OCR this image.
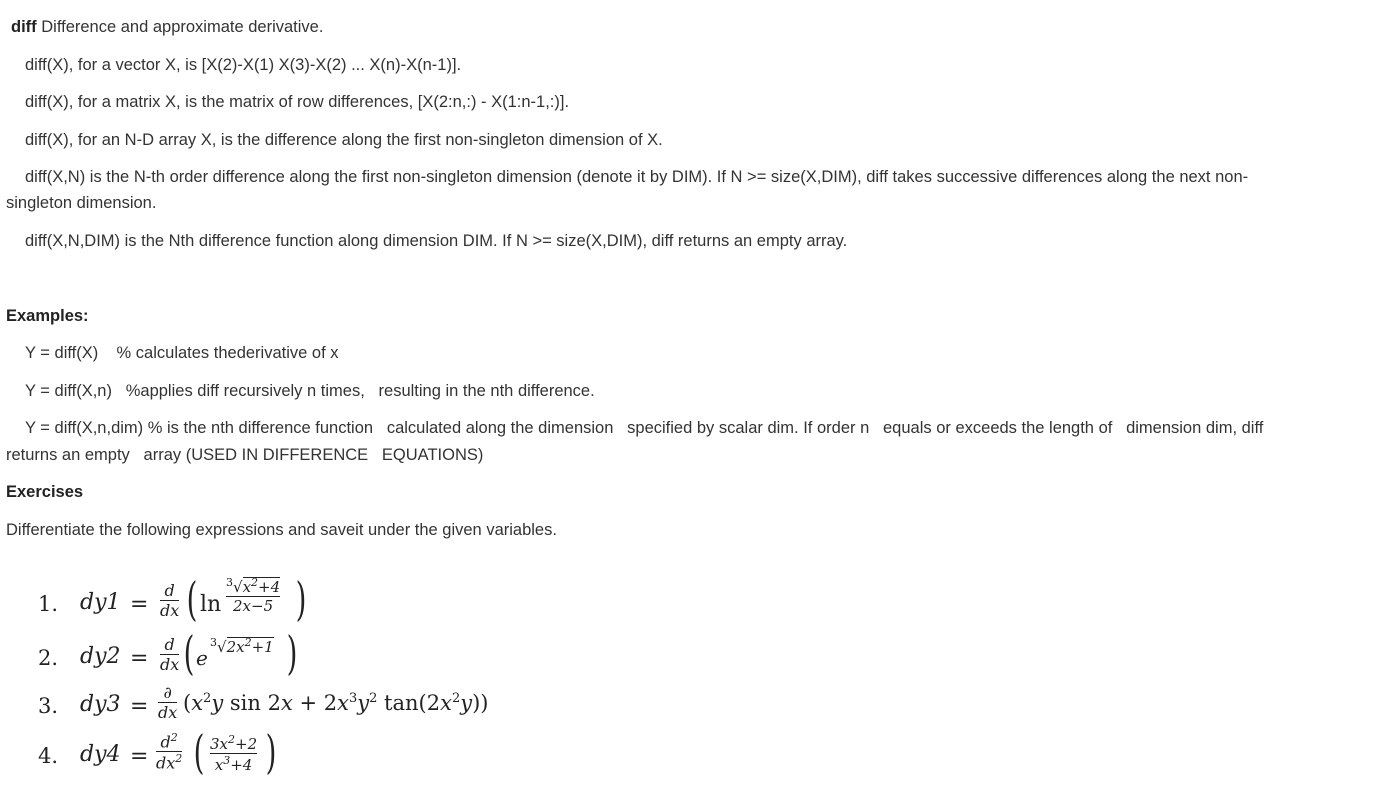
diff Difference and approximate derivative.
diff(X), for a vector X, is [X(2)-X(1) X(3)-X(2) ... X(n)-X(n-1)].
diff(X), for a matrix X, is the matrix of row differences, [X(2:n,:) - X(1:n-1,:)].
diff(X), for an N-D array X, is the difference along the first non-singleton dimension of X.
diff(X,N) is the N-th order difference along the first non-singleton dimension (denote it by DIM). If N >= size(X,DIM), diff takes successive differences along the next non-
singleton dimension.
diff(X,N,DIM) is the Nth difference function along dimension DIM. If N >= size(X,DIM), diff returns an empty array.
Examples:
Y = diff(X)    % calculates thederivative of x
Y = diff(X,n)   %applies diff recursively n times,   resulting in the nth difference.
Y = diff(X,n,dim) % is the nth difference function   calculated along the dimension   specified by scalar dim. If order n   equals or exceeds the length of   dimension dim, diff
returns an empty   array (USED IN DIFFERENCE   EQUATIONS)
Exercises
Differentiate the following expressions and saveit under the given variables.
1. dy1 =
d
dx ( ln
$^3√x^2+4$
2x−5 )
2. dy2 =
d
dx ( e
$^3√2x^2+1$ )
3. dy3 =
∂
dx ($x^2y$ $\sin 2x + 2x^3y^2$ $\tan(2x^2y)$)
4. dy4 =
$d^2$
$dx^2$ ( $3x^2+2$
$x^3+4$ )
